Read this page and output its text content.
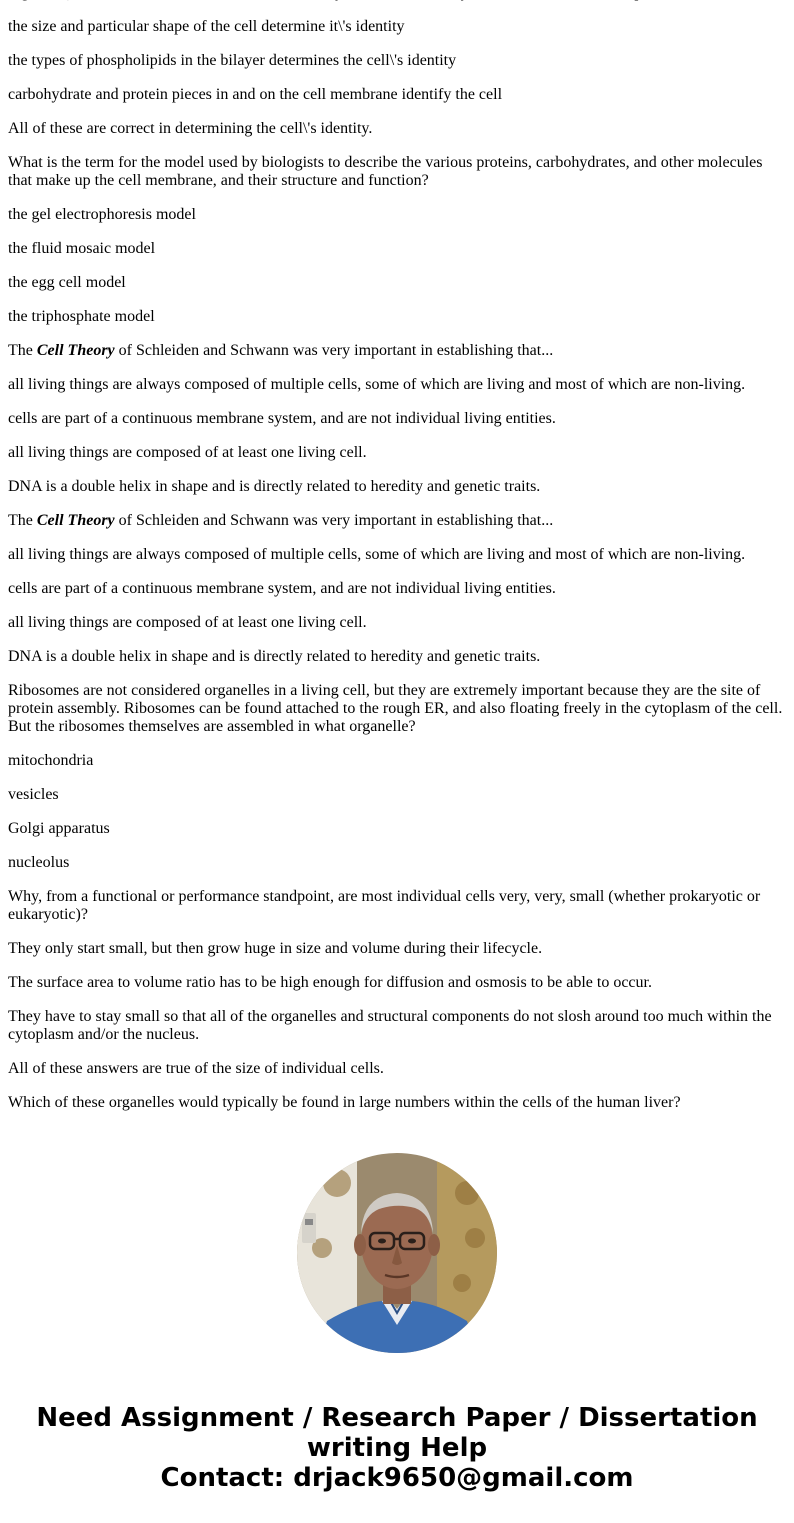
the size and particular shape of the cell determine it\'s identity

the types of phospholipids in the bilayer determines the cell\'s identity

carbohydrate and protein pieces in and on the cell membrane identify the cell

All of these are correct in determining the cell\'s identity.

What is the term for the model used by biologists to describe the various proteins, carbohydrates, and other molecules that make up the cell membrane, and their structure and function?

the gel electrophoresis model

the fluid mosaic model

the egg cell model

the triphosphate model

The Cell Theory of Schleiden and Schwann was very important in establishing that...

all living things are always composed of multiple cells, some of which are living and most of which are non-living.

cells are part of a continuous membrane system, and are not individual living entities.

all living things are composed of at least one living cell.

DNA is a double helix in shape and is directly related to heredity and genetic traits.

The Cell Theory of Schleiden and Schwann was very important in establishing that...

all living things are always composed of multiple cells, some of which are living and most of which are non-living.

cells are part of a continuous membrane system, and are not individual living entities.

all living things are composed of at least one living cell.

DNA is a double helix in shape and is directly related to heredity and genetic traits.

Ribosomes are not considered organelles in a living cell, but they are extremely important because they are the site of protein assembly. Ribosomes can be found attached to the rough ER, and also floating freely in the cytoplasm of the cell. But the ribosomes themselves are assembled in what organelle?

mitochondria

vesicles

Golgi apparatus

nucleolus

Why, from a functional or performance standpoint, are most individual cells very, very, small (whether prokaryotic or eukaryotic)?

They only start small, but then grow huge in size and volume during their lifecycle.

The surface area to volume ratio has to be high enough for diffusion and osmosis to be able to occur.

They have to stay small so that all of the organelles and structural components do not slosh around too much within the cytoplasm and/or the nucleus.

All of these answers are true of the size of individual cells.

Which of these organelles would typically be found in large numbers within the cells of the human liver?

Need Assignment / Research Paper / Dissertation
writing Help
Contact: drjack9650@gmail.com
